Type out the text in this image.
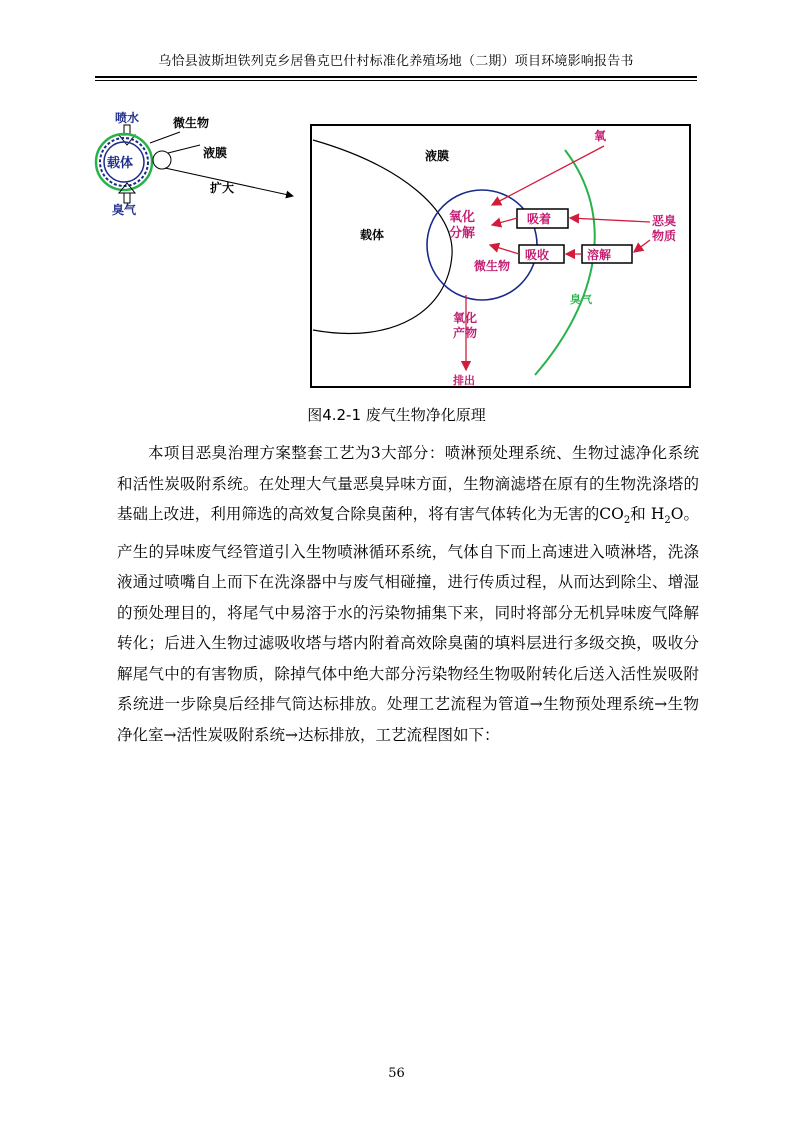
乌恰县波斯坦铁列克乡居鲁克巴什村标准化养殖场地（二期）项目环境影响报告书
喷水	微生物
载体
液膜
扩大
臭气
液膜
载体
臭气
氧化
分解
微生物
吸着
吸收	溶解
氧
恶臭
物质
氧化
产物
排出
图4.2-1 废气生物净化原理

本项目恶臭治理方案整套工艺为3大部分：喷淋预处理系统、生物过滤净化系统和活性炭吸附系统。在处理大气量恶臭异味方面，生物滴滤塔在原有的生物洗涤塔的基础上改进，利用筛选的高效复合除臭菌种，将有害气体转化为无害的$CO_2$和 $H_2O$。 产生的异味废气经管道引入生物喷淋循环系统，气体自下而上高速进入喷淋塔，洗涤液通过喷嘴自上而下在洗涤器中与废气相碰撞，进行传质过程，从而达到除尘、增湿的预处理目的，将尾气中易溶于水的污染物捕集下来，同时将部分无机异味废气降解转化；后进入生物过滤吸收塔与塔内附着高效除臭菌的填料层进行多级交换，吸收分解尾气中的有害物质，除掉气体中绝大部分污染物经生物吸附转化后送入活性炭吸附系统进一步除臭后经排气筒达标排放。处理工艺流程为管道→生物预处理系统→生物净化室→活性炭吸附系统→达标排放，工艺流程图如下：

56
